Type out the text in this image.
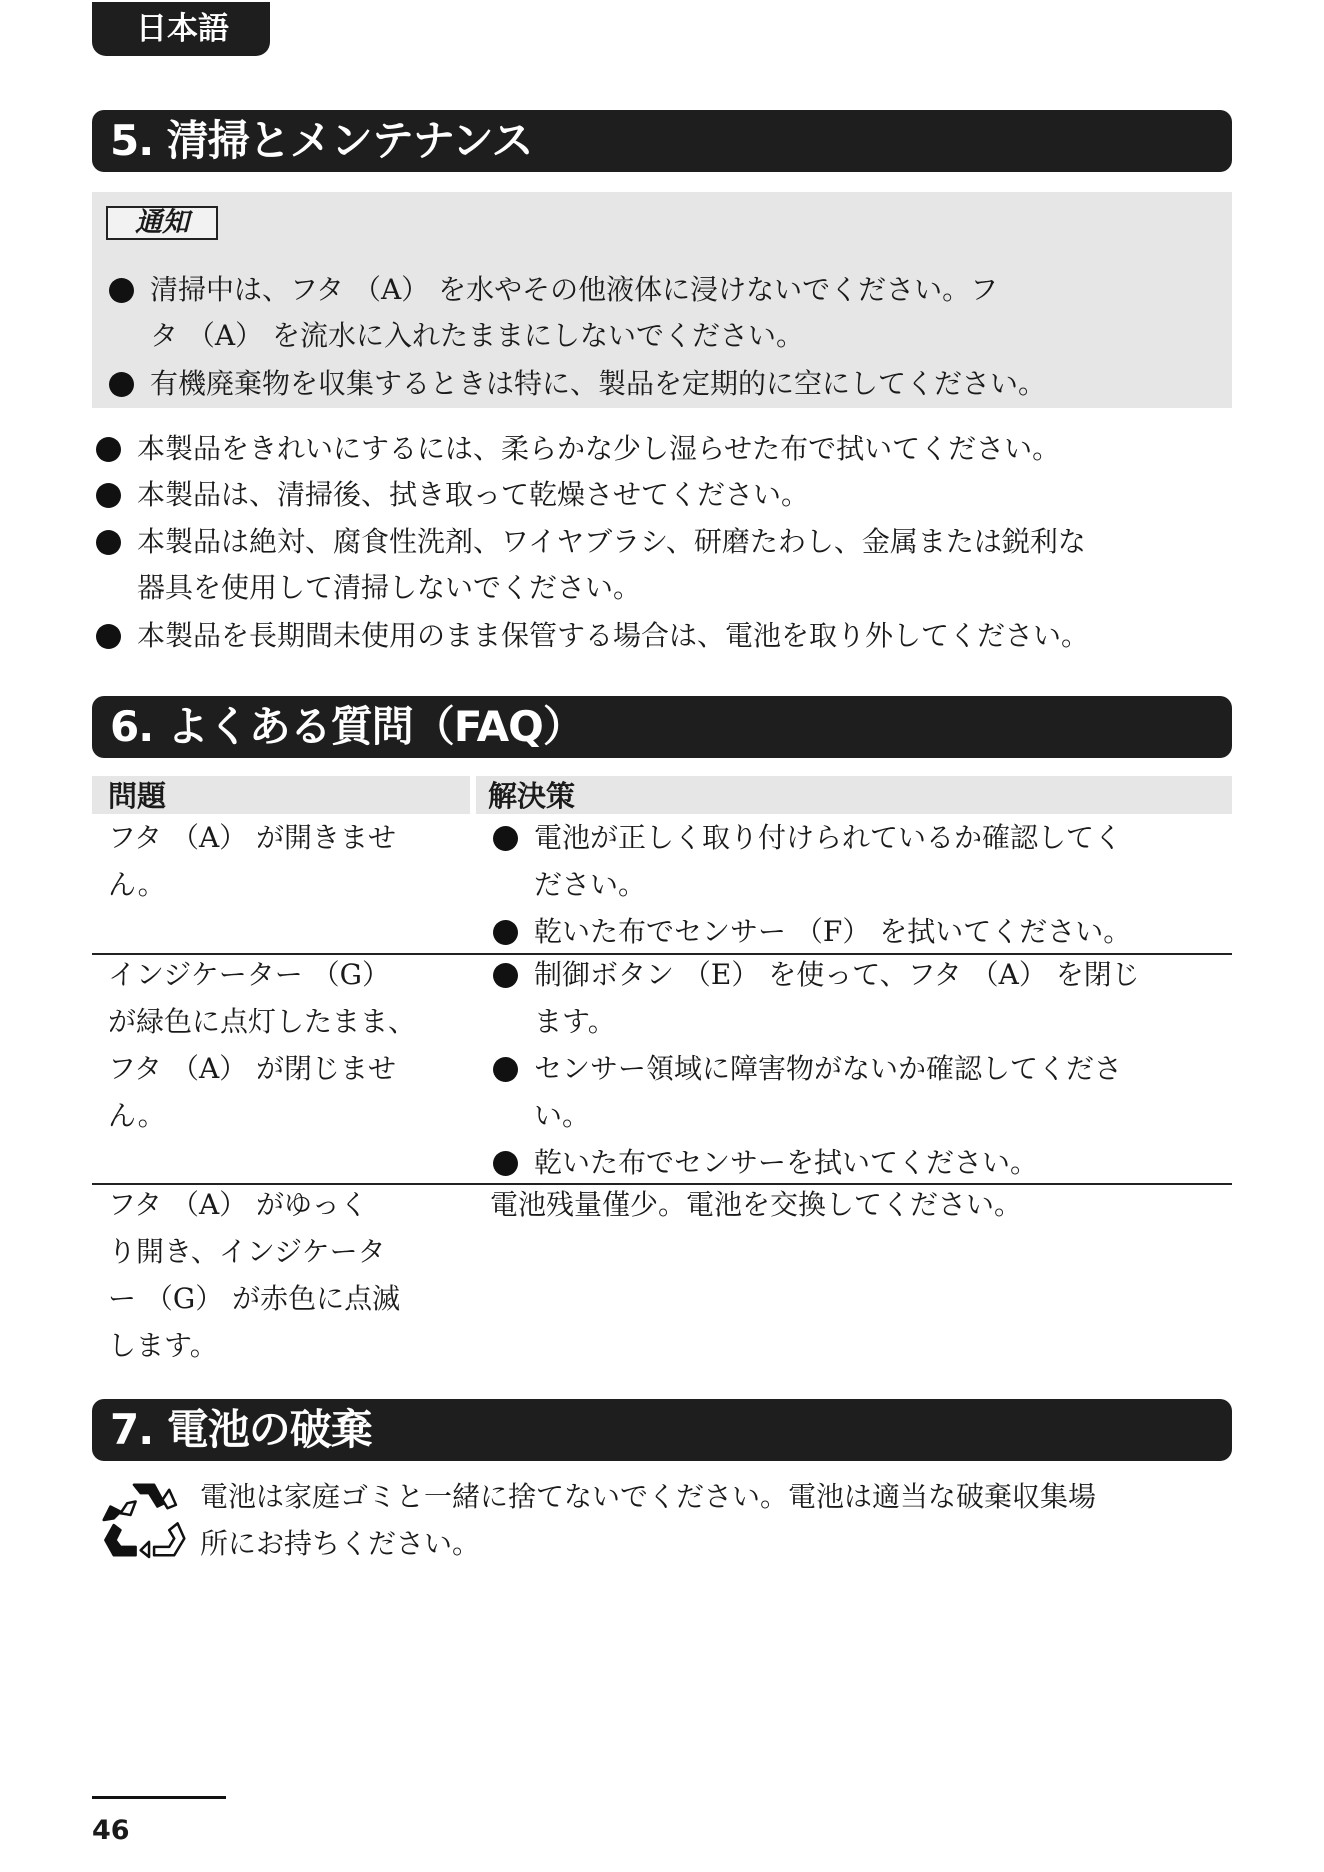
日本語
5. 清掃とメンテナンス
通知
清掃中は、フタ （A） を水やその他液体に浸けないでください。フ
タ （A） を流水に入れたままにしないでください。
有機廃棄物を収集するときは特に、製品を定期的に空にしてください。
本製品をきれいにするには、柔らかな少し湿らせた布で拭いてください。
本製品は、清掃後、拭き取って乾燥させてください。
本製品は絶対、腐食性洗剤、ワイヤブラシ、研磨たわし、金属または鋭利な
器具を使用して清掃しないでください。
本製品を長期間未使用のまま保管する場合は、電池を取り外してください。
6. よくある質問（FAQ）
問題	解決策
フタ （A） が開きませ
ん。
電池が正しく取り付けられているか確認してく
ださい。
乾いた布でセンサー （F） を拭いてください。
インジケーター （G）
が緑色に点灯したまま、
フタ （A） が閉じませ
ん。
制御ボタン （E） を使って、フタ （A） を閉じ
ます。
センサー領域に障害物がないか確認してくださ
い。
乾いた布でセンサーを拭いてください。
フタ （A） がゆっく
り開き、インジケータ
ー （G） が赤色に点滅
します。
電池残量僅少。電池を交換してください。
7. 電池の破棄
電池は家庭ゴミと一緒に捨てないでください。電池は適当な破棄収集場
所にお持ちください。
46
